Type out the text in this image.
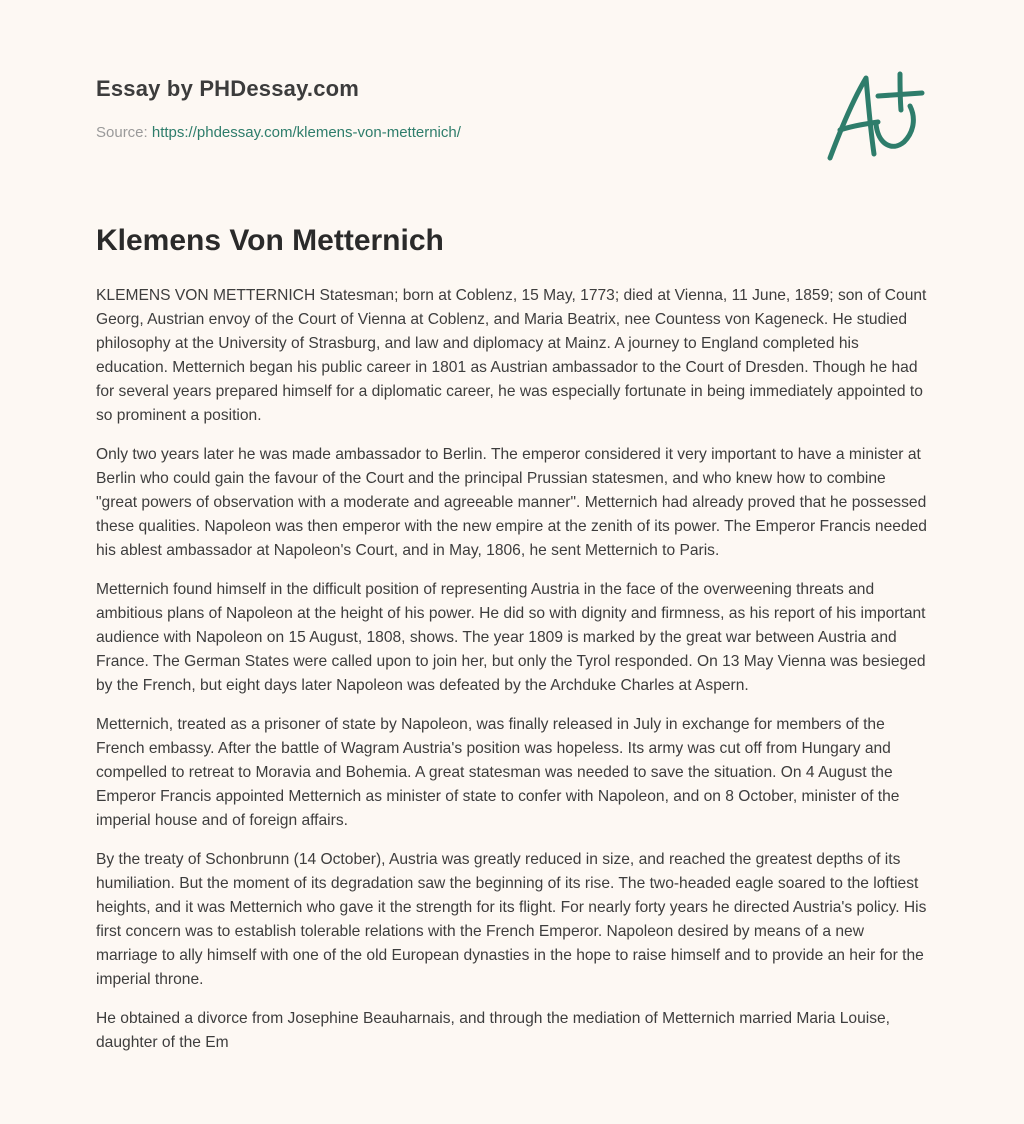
Essay by PHDessay.com
Source: https://phdessay.com/klemens-von-metternich/
Klemens Von Metternich

KLEMENS VON METTERNICH Statesman; born at Coblenz, 15 May, 1773; died at Vienna, 11 June, 1859; son of Count Georg, Austrian envoy of the Court of Vienna at Coblenz, and Maria Beatrix, nee Countess von Kageneck. He studied philosophy at the University of Strasburg, and law and diplomacy at Mainz. A journey to England completed his education. Metternich began his public career in 1801 as Austrian ambassador to the Court of Dresden. Though he had for several years prepared himself for a diplomatic career, he was especially fortunate in being immediately appointed to so prominent a position.

Only two years later he was made ambassador to Berlin. The emperor considered it very important to have a minister at Berlin who could gain the favour of the Court and the principal Prussian statesmen, and who knew how to combine "great powers of observation with a moderate and agreeable manner". Metternich had already proved that he possessed these qualities. Napoleon was then emperor with the new empire at the zenith of its power. The Emperor Francis needed his ablest ambassador at Napoleon's Court, and in May, 1806, he sent Metternich to Paris.

Metternich found himself in the difficult position of representing Austria in the face of the overweening threats and ambitious plans of Napoleon at the height of his power. He did so with dignity and firmness, as his report of his important audience with Napoleon on 15 August, 1808, shows. The year 1809 is marked by the great war between Austria and France. The German States were called upon to join her, but only the Tyrol responded. On 13 May Vienna was besieged by the French, but eight days later Napoleon was defeated by the Archduke Charles at Aspern.

Metternich, treated as a prisoner of state by Napoleon, was finally released in July in exchange for members of the French embassy. After the battle of Wagram Austria's position was hopeless. Its army was cut off from Hungary and compelled to retreat to Moravia and Bohemia. A great statesman was needed to save the situation. On 4 August the Emperor Francis appointed Metternich as minister of state to confer with Napoleon, and on 8 October, minister of the imperial house and of foreign affairs.

By the treaty of Schonbrunn (14 October), Austria was greatly reduced in size, and reached the greatest depths of its humiliation. But the moment of its degradation saw the beginning of its rise. The two-headed eagle soared to the loftiest heights, and it was Metternich who gave it the strength for its flight. For nearly forty years he directed Austria's policy. His first concern was to establish tolerable relations with the French Emperor. Napoleon desired by means of a new marriage to ally himself with one of the old European dynasties in the hope to raise himself and to provide an heir for the imperial throne.

He obtained a divorce from Josephine Beauharnais, and through the mediation of Metternich married Maria Louise, daughter of the Em
